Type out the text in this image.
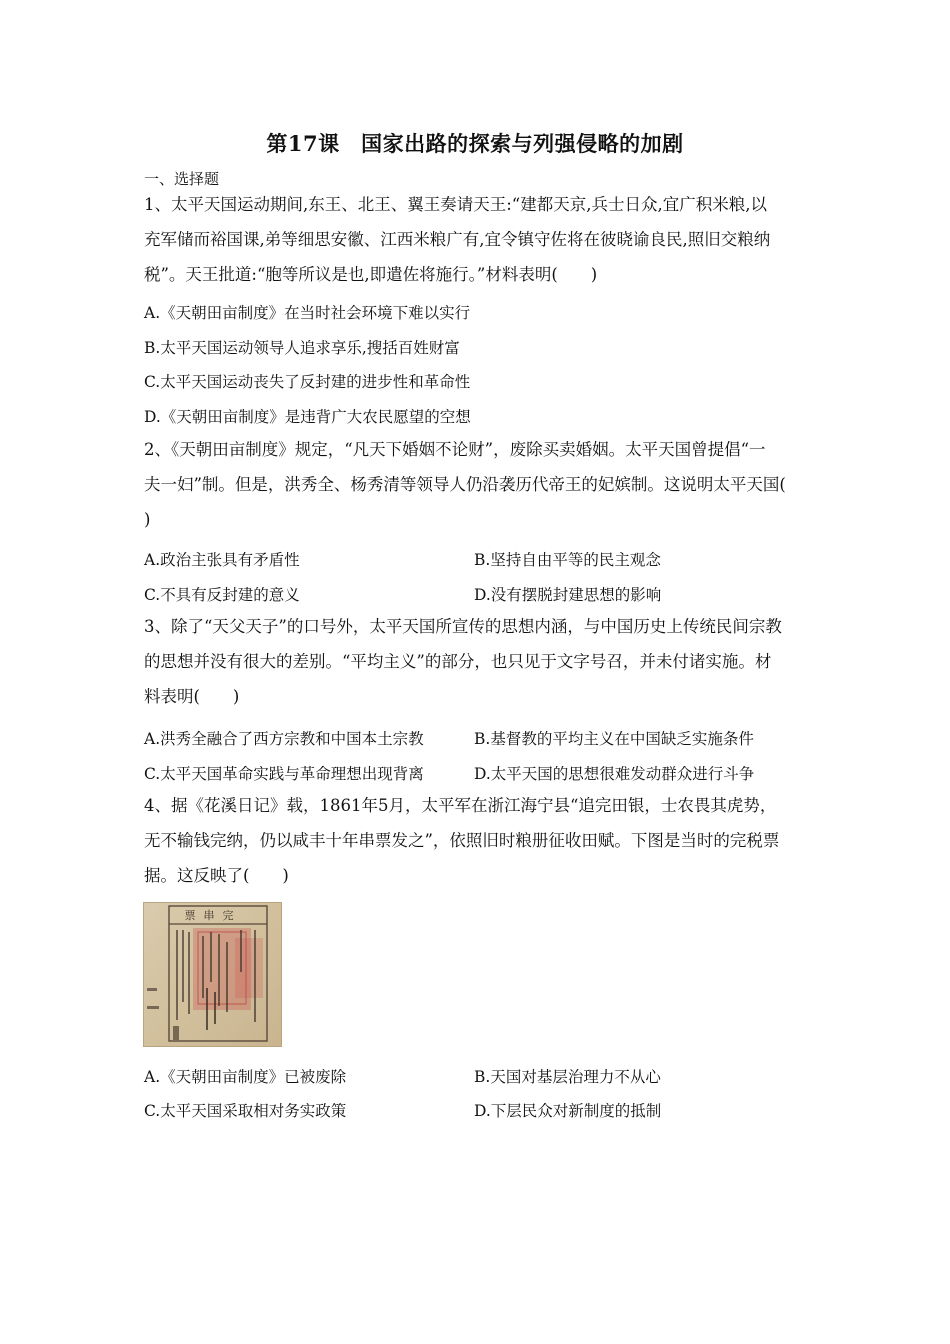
第17课　国家出路的探索与列强侵略的加剧
一、选择题
1、太平天国运动期间,东王、北王、翼王奏请天王:“建都天京,兵士日众,宜广积米粮,以
充军储而裕国课,弟等细思安徽、江西米粮广有,宜令镇守佐将在彼晓谕良民,照旧交粮纳
税”。天王批道:“胞等所议是也,即遣佐将施行。”材料表明(　　)
A.《天朝田亩制度》在当时社会环境下难以实行
B.太平天国运动领导人追求享乐,搜括百姓财富
C.太平天国运动丧失了反封建的进步性和革命性
D.《天朝田亩制度》是违背广大农民愿望的空想
2、《天朝田亩制度》规定，“凡天下婚姻不论财”，废除买卖婚姻。太平天国曾提倡“一
夫一妇”制。但是，洪秀全、杨秀清等领导人仍沿袭历代帝王的妃嫔制。这说明太平天国(
)
A.政治主张具有矛盾性	B.坚持自由平等的民主观念
C.不具有反封建的意义	D.没有摆脱封建思想的影响
3、除了“天父天子”的口号外，太平天国所宣传的思想内涵，与中国历史上传统民间宗教
的思想并没有很大的差别。“平均主义”的部分，也只见于文字号召，并未付诸实施。材
料表明(　　)
A.洪秀全融合了西方宗教和中国本土宗教	B.基督教的平均主义在中国缺乏实施条件
C.太平天国革命实践与革命理想出现背离	D.太平天国的思想很难发动群众进行斗争
4、据《花溪日记》载，1861年5月，太平军在浙江海宁县“追完田银，士农畏其虎势，
无不输钱完纳，仍以咸丰十年串票发之”，依照旧时粮册征收田赋。下图是当时的完税票
据。这反映了(　　)
票串完
A.《天朝田亩制度》已被废除	B.天国对基层治理力不从心
C.太平天国采取相对务实政策	D.下层民众对新制度的抵制
